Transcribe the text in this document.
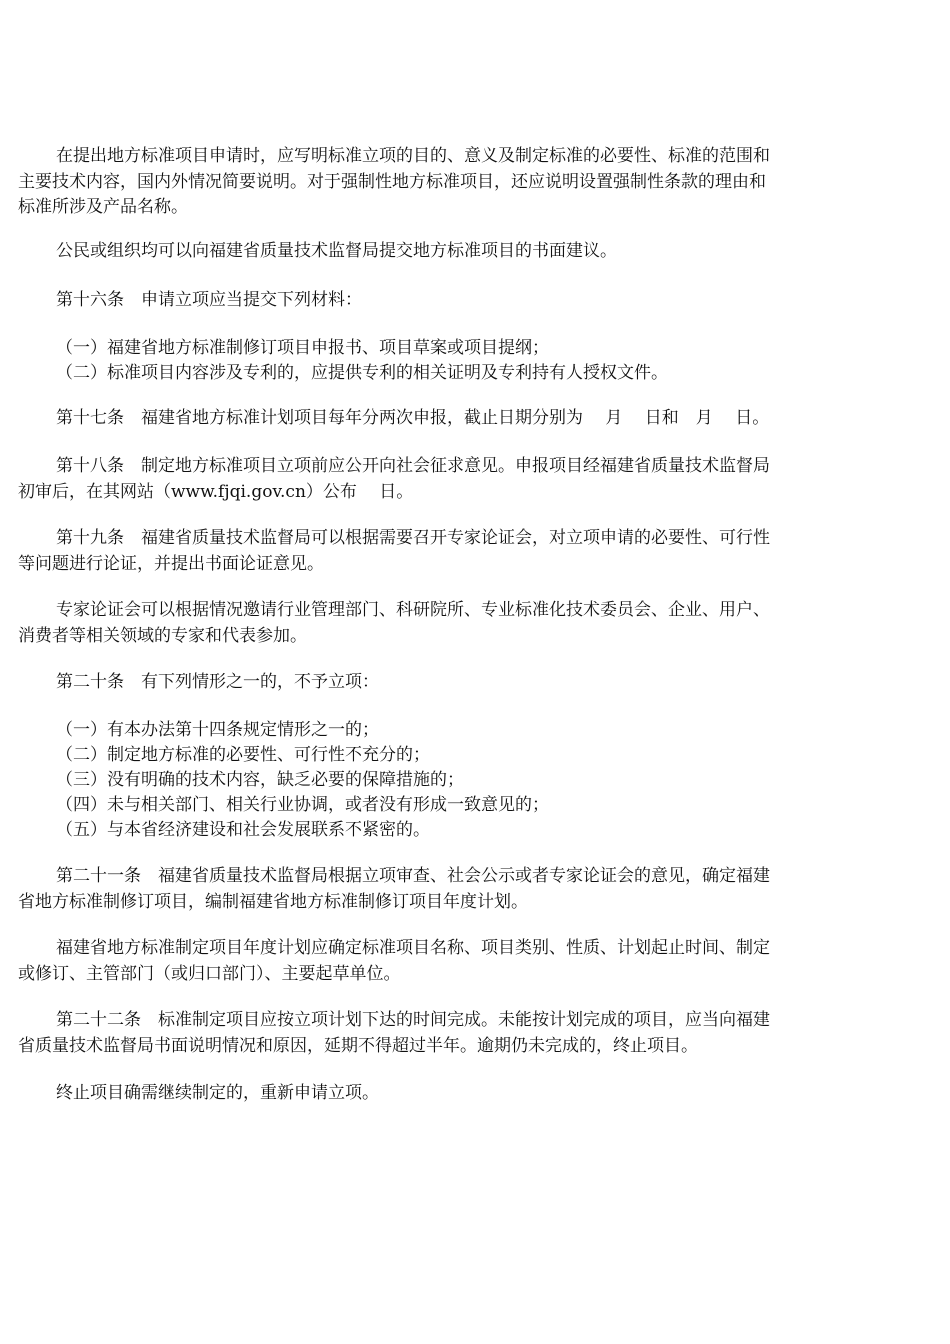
在提出地方标准项目申请时，应写明标准立项的目的、意义及制定标准的必要性、标准的范围和
主要技术内容，国内外情况简要说明。对于强制性地方标准项目，还应说明设置强制性条款的理由和
标准所涉及产品名称。

公民或组织均可以向福建省质量技术监督局提交地方标准项目的书面建议。

第十六条　申请立项应当提交下列材料：

（一）福建省地方标准制修订项目申报书、项目草案或项目提纲；
（二）标准项目内容涉及专利的，应提供专利的相关证明及专利持有人授权文件。

第十七条　福建省地方标准计划项目每年分两次申报，截止日期分别为　 月　 日和　月　 日。

第十八条　制定地方标准项目立项前应公开向社会征求意见。申报项目经福建省质量技术监督局
初审后，在其网站（www.fjqi.gov.cn）公布　 日。

第十九条　福建省质量技术监督局可以根据需要召开专家论证会，对立项申请的必要性、可行性
等问题进行论证，并提出书面论证意见。

专家论证会可以根据情况邀请行业管理部门、科研院所、专业标准化技术委员会、企业、用户、
消费者等相关领域的专家和代表参加。

第二十条　有下列情形之一的，不予立项：

（一）有本办法第十四条规定情形之一的；
（二）制定地方标准的必要性、可行性不充分的；
（三）没有明确的技术内容，缺乏必要的保障措施的；
（四）未与相关部门、相关行业协调，或者没有形成一致意见的；
（五）与本省经济建设和社会发展联系不紧密的。

第二十一条　福建省质量技术监督局根据立项审查、社会公示或者专家论证会的意见，确定福建
省地方标准制修订项目，编制福建省地方标准制修订项目年度计划。

福建省地方标准制定项目年度计划应确定标准项目名称、项目类别、性质、计划起止时间、制定
或修订、主管部门（或归口部门）、主要起草单位。

第二十二条　标准制定项目应按立项计划下达的时间完成。未能按计划完成的项目，应当向福建
省质量技术监督局书面说明情况和原因，延期不得超过半年。逾期仍未完成的，终止项目。

终止项目确需继续制定的，重新申请立项。
